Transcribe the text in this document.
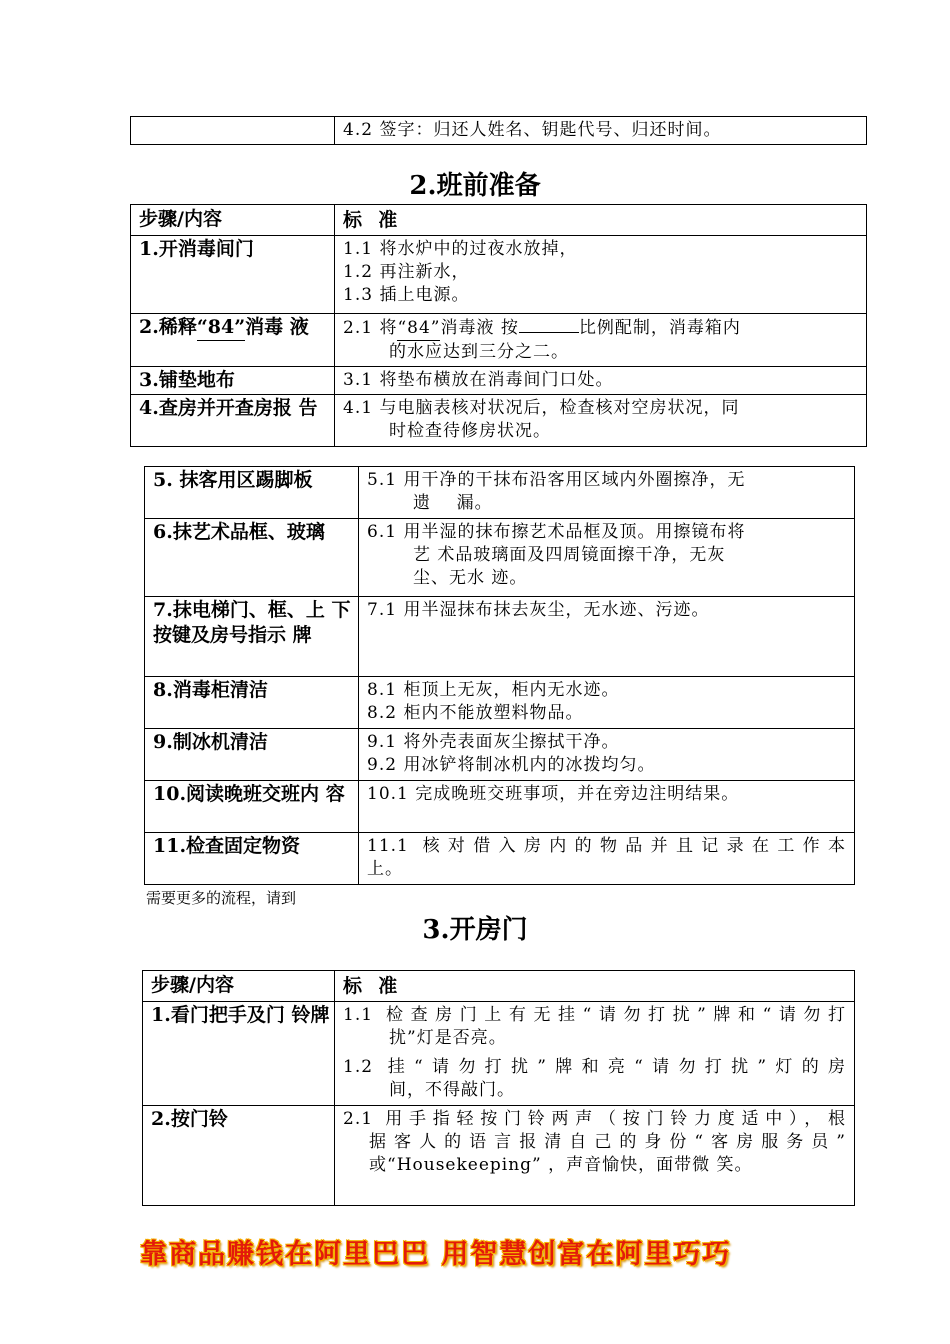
	4.2 签字：归还人姓名、钥匙代号、归还时间。
2.班前准备
步骤/内容	标  准
1.开消毒间门	1.1 将水炉中的过夜水放掉，
1.2 再注新水，
1.3 插上电源。

2.稀释“84”消毒 液	2.1 将“84”消毒液 按 比例配制，消毒箱内
的水应达到三分之二。

3.铺垫地布	3.1 将垫布横放在消毒间门口处。
4.查房并开查房报 告	4.1 与电脑表核对状况后，检查核对空房状况，同
时检查待修房状况。
5. 抹客用区踢脚板	5.1 用干净的干抹布沿客用区域内外圈擦净，无
遗    漏。

6.抹艺术品框、玻璃	6.1 用半湿的抹布擦艺术品框及顶。用擦镜布将
艺 术品玻璃面及四周镜面擦干净，无灰
尘、无水 迹。

7.抹电梯门、框、上 下按键及房号指示 牌	7.1 用半湿抹布抹去灰尘，无水迹、污迹。
8.消毒柜清洁	8.1 柜顶上无灰，柜内无水迹。
8.2 柜内不能放塑料物品。

9.制冰机清洁	9.1 将外壳表面灰尘擦拭干净。
9.2 用冰铲将制冰机内的冰拨均匀。

10.阅读晚班交班内 容	10.1 完成晚班交班事项，并在旁边注明结果。
11.检查固定物资	11.1 核对借入房内的物品并且记录在工作本
上。
需要更多的流程，请到
3.开房门
步骤/内容	标  准
1.看门把手及门 铃牌	1.1 检查房门上有无挂“请勿打扰”牌和“请勿打
扰”灯是否亮。
1.2 挂“请勿打扰”牌和亮“请勿打扰”灯的房
间，不得敲门。

2.按门铃	2.1 用手指轻按门铃两声（按门铃力度适中），根
据客人的语言报清自己的身份“客房服务员”
或“Housekeeping” ，声音愉快，面带微 笑。
靠商品赚钱在阿里巴巴 用智慧创富在阿里巧巧
